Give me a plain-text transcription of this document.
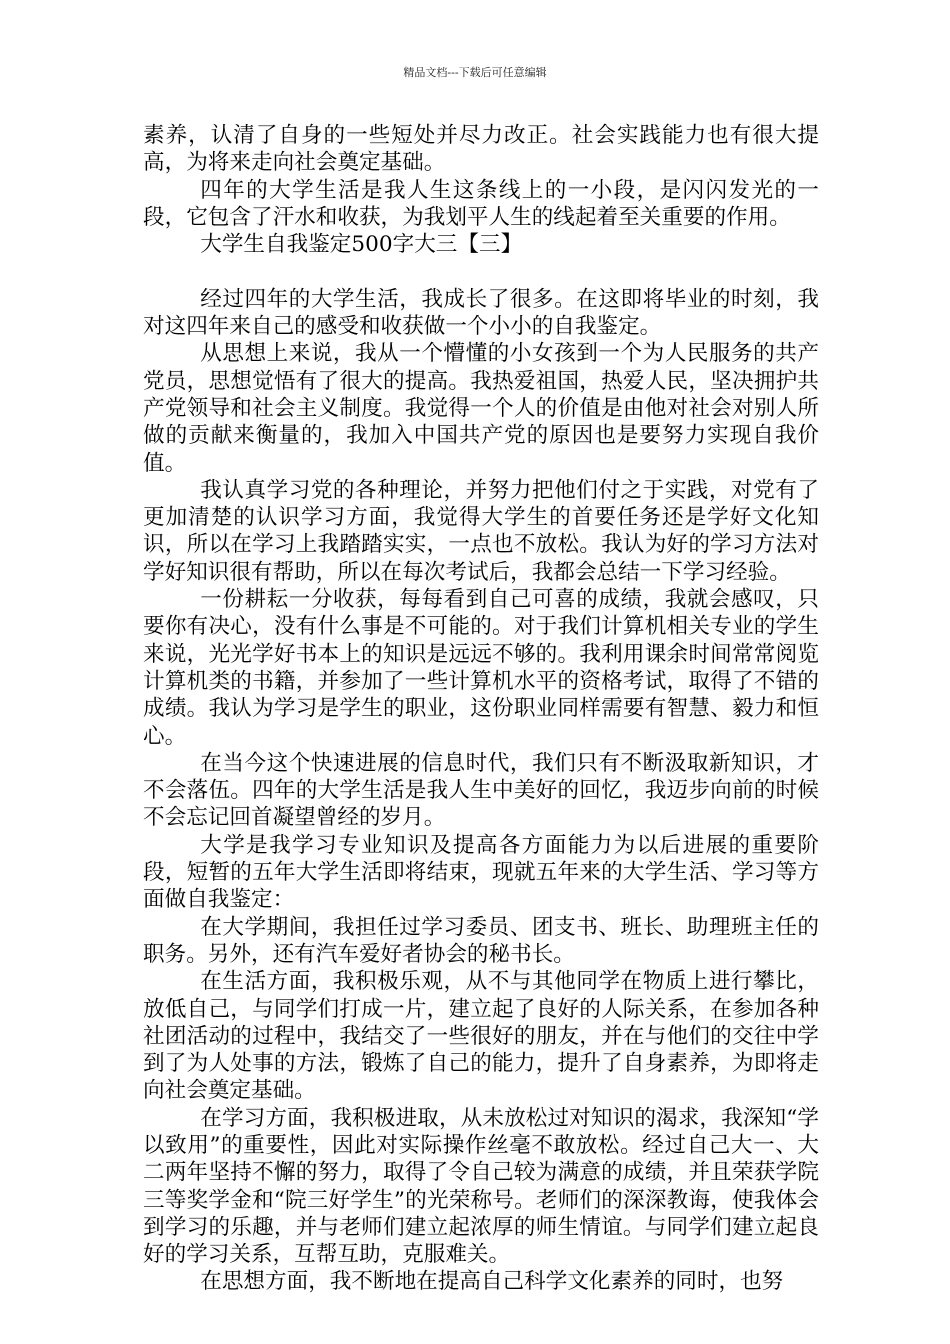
精品文档---下载后可任意编辑

素养，认清了自身的一些短处并尽力改正。社会实践能力也有很大提高，为将来走向社会奠定基础。

四年的大学生活是我人生这条线上的一小段，是闪闪发光的一段，它包含了汗水和收获，为我划平人生的线起着至关重要的作用。

大学生自我鉴定500字大三【三】

经过四年的大学生活，我成长了很多。在这即将毕业的时刻，我对这四年来自己的感受和收获做一个小小的自我鉴定。

从思想上来说，我从一个懵懂的小女孩到一个为人民服务的共产党员，思想觉悟有了很大的提高。我热爱祖国，热爱人民，坚决拥护共产党领导和社会主义制度。我觉得一个人的价值是由他对社会对别人所做的贡献来衡量的，我加入中国共产党的原因也是要努力实现自我价值。

我认真学习党的各种理论，并努力把他们付之于实践，对党有了更加清楚的认识学习方面，我觉得大学生的首要任务还是学好文化知识，所以在学习上我踏踏实实，一点也不放松。我认为好的学习方法对学好知识很有帮助，所以在每次考试后，我都会总结一下学习经验。

一份耕耘一分收获，每每看到自己可喜的成绩，我就会感叹，只要你有决心，没有什么事是不可能的。对于我们计算机相关专业的学生来说，光光学好书本上的知识是远远不够的。我利用课余时间常常阅览计算机类的书籍，并参加了一些计算机水平的资格考试，取得了不错的成绩。我认为学习是学生的职业，这份职业同样需要有智慧、毅力和恒心。

在当今这个快速进展的信息时代，我们只有不断汲取新知识，才不会落伍。四年的大学生活是我人生中美好的回忆，我迈步向前的时候不会忘记回首凝望曾经的岁月。

大学是我学习专业知识及提高各方面能力为以后进展的重要阶段，短暂的五年大学生活即将结束，现就五年来的大学生活、学习等方面做自我鉴定：

在大学期间，我担任过学习委员、团支书、班长、助理班主任的职务。另外，还有汽车爱好者协会的秘书长。

在生活方面，我积极乐观，从不与其他同学在物质上进行攀比，放低自己，与同学们打成一片，建立起了良好的人际关系，在参加各种社团活动的过程中，我结交了一些很好的朋友，并在与他们的交往中学到了为人处事的方法，锻炼了自己的能力，提升了自身素养，为即将走向社会奠定基础。

在学习方面，我积极进取，从未放松过对知识的渴求，我深知“学以致用”的重要性，因此对实际操作丝毫不敢放松。经过自己大一、大二两年坚持不懈的努力，取得了令自己较为满意的成绩，并且荣获学院三等奖学金和“院三好学生”的光荣称号。老师们的深深教诲，使我体会到学习的乐趣，并与老师们建立起浓厚的师生情谊。与同学们建立起良好的学习关系，互帮互助，克服难关。

在思想方面，我不断地在提高自己科学文化素养的同时，也努
